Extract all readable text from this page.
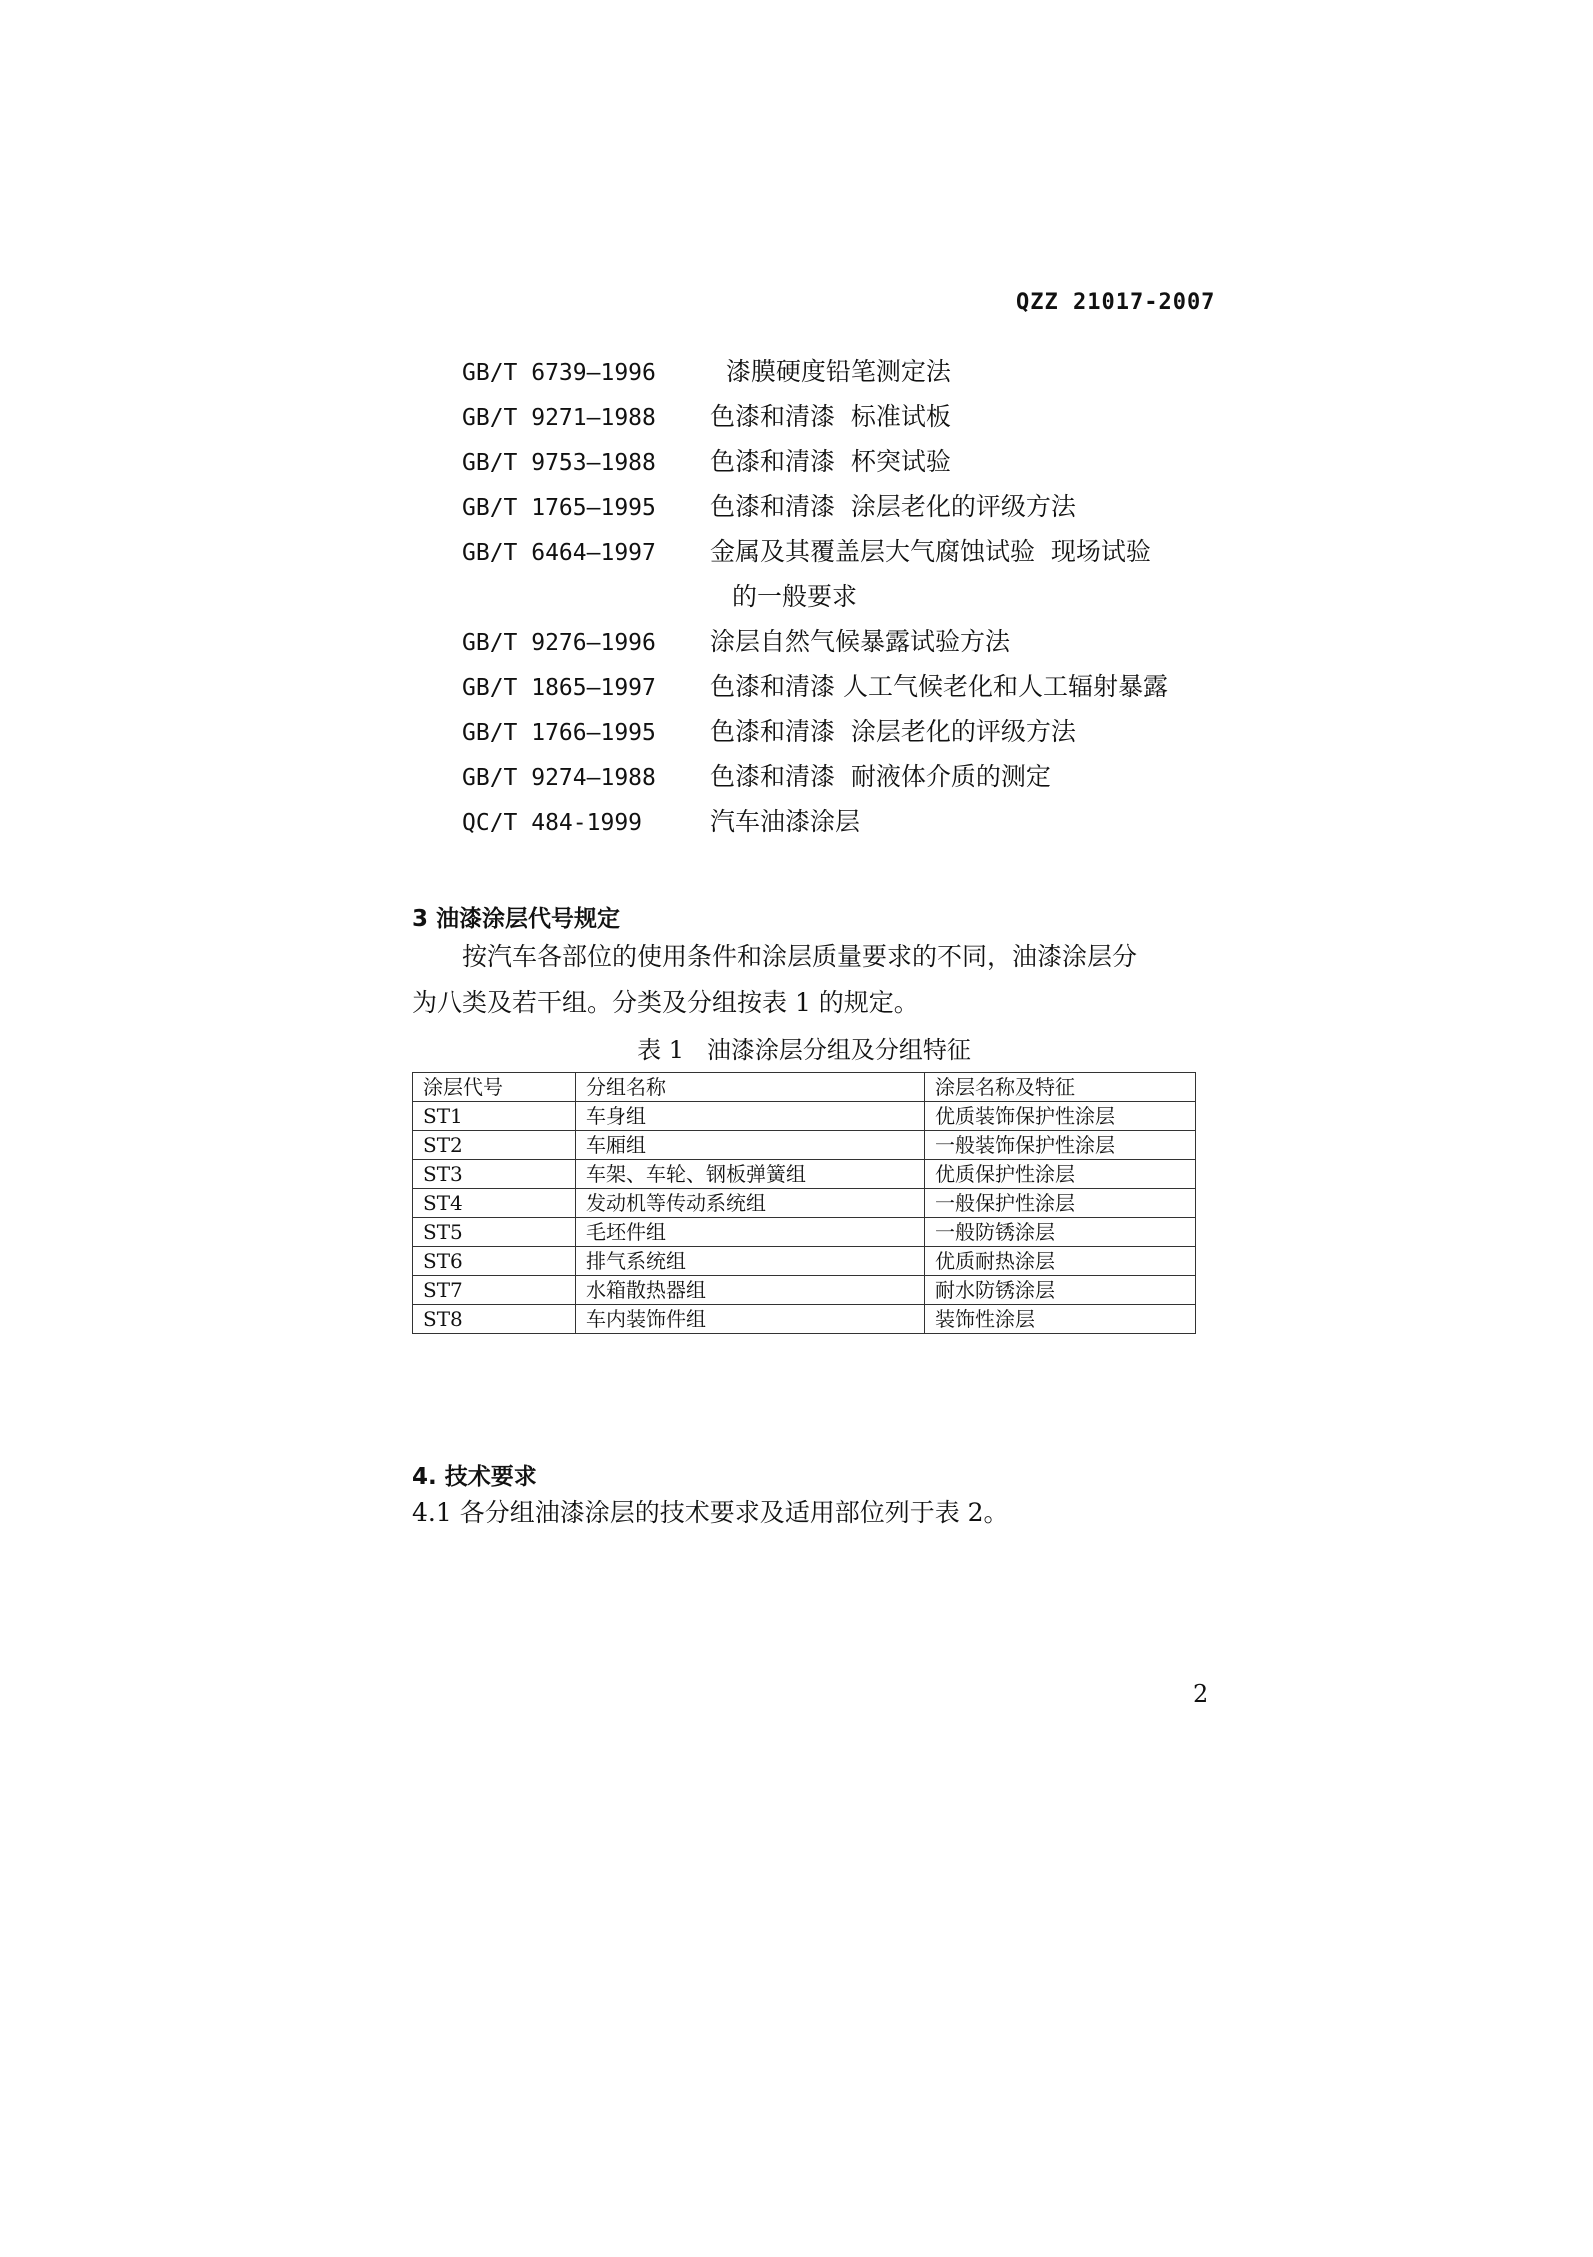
QZZ 21017-2007
GB/T 6739—1996	漆膜硬度铅笔测定法
GB/T 9271—1988	色漆和清漆  标准试板
GB/T 9753—1988	色漆和清漆  杯突试验
GB/T 1765—1995	色漆和清漆  涂层老化的评级方法
GB/T 6464—1997	金属及其覆盖层大气腐蚀试验  现场试验
的一般要求
GB/T 9276—1996	涂层自然气候暴露试验方法
GB/T 1865—1997	色漆和清漆 人工气候老化和人工辐射暴露
GB/T 1766—1995	色漆和清漆  涂层老化的评级方法
GB/T 9274—1988	色漆和清漆  耐液体介质的测定
QC/T 484-1999	汽车油漆涂层
3 油漆涂层代号规定
按汽车各部位的使用条件和涂层质量要求的不同，油漆涂层分
为八类及若干组。分类及分组按表 1 的规定。
表 1   油漆涂层分组及分组特征
涂层代号	分组名称	涂层名称及特征
ST1	车身组	优质装饰保护性涂层
ST2	车厢组	一般装饰保护性涂层
ST3	车架、车轮、钢板弹簧组	优质保护性涂层
ST4	发动机等传动系统组	一般保护性涂层
ST5	毛坯件组	一般防锈涂层
ST6	排气系统组	优质耐热涂层
ST7	水箱散热器组	耐水防锈涂层
ST8	车内装饰件组	装饰性涂层
4. 技术要求
4.1 各分组油漆涂层的技术要求及适用部位列于表 2。
2
